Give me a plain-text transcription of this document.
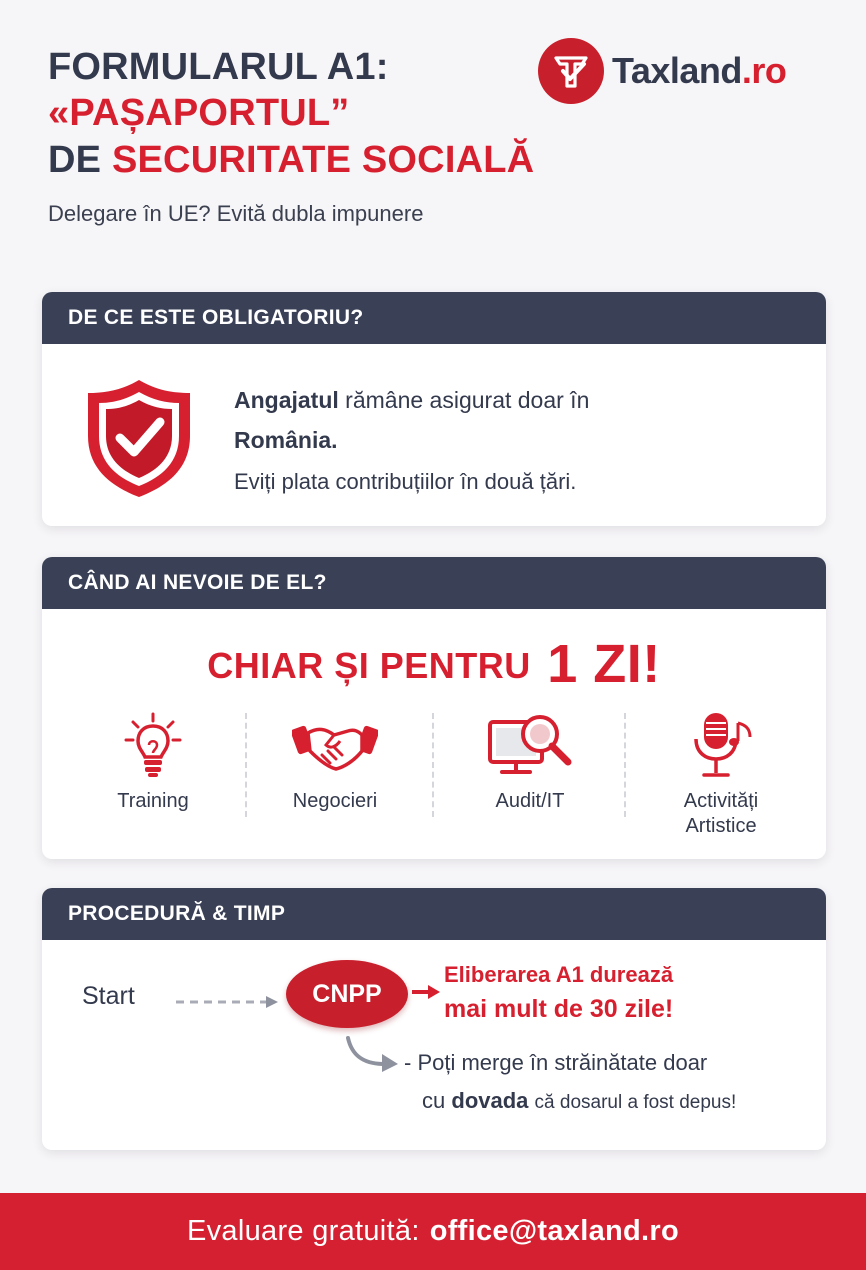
FORMULARUL A1:
«PAȘAPORTUL”
DE SECURITATE SOCIALĂ
Delegare în UE? Evită dubla impunere
Taxland.ro
DE CE ESTE OBLIGATORIU?
Angajatul rămâne asigurat doar în
România.
Eviți plata contribuțiilor în două țări.
CÂND AI NEVOIE DE EL?
CHIAR ȘI PENTRU 1 ZI!
Training	Negocieri	Audit/IT	Activități
Artistice
PROCEDURĂ & TIMP
Start	CNPP
Eliberarea A1 durează
mai mult de 30 zile!
- Poți merge în străinătate doar
cu dovada că dosarul a fost depus!
Evaluare gratuită: office@taxland.ro
